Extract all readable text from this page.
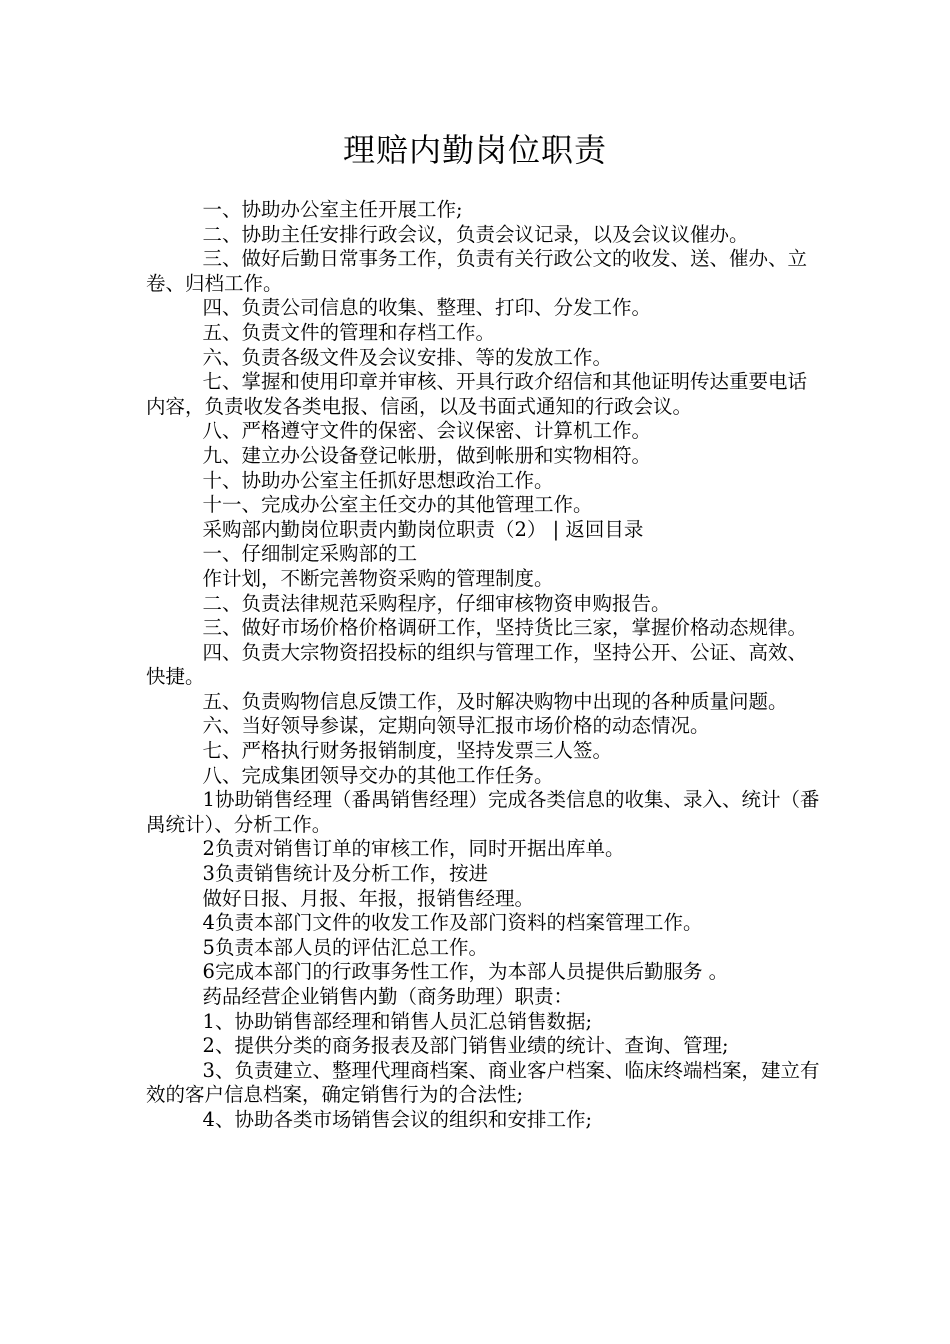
理赔内勤岗位职责

一、协助办公室主任开展工作;

二、协助主任安排行政会议，负责会议记录，以及会议议催办。

三、做好后勤日常事务工作，负责有关行政公文的收发、送、催办、立卷、归档工作。

四、负责公司信息的收集、整理、打印、分发工作。

五、负责文件的管理和存档工作。

六、负责各级文件及会议安排、等的发放工作。

七、掌握和使用印章并审核、开具行政介绍信和其他证明传达重要电话内容，负责收发各类电报、信函，以及书面式通知的行政会议。

八、严格遵守文件的保密、会议保密、计算机工作。

九、建立办公设备登记帐册，做到帐册和实物相符。

十、协助办公室主任抓好思想政治工作。

十一、完成办公室主任交办的其他管理工作。

采购部内勤岗位职责内勤岗位职责（2） | 返回目录

一、仔细制定采购部的工

作计划，不断完善物资采购的管理制度。

二、负责法律规范采购程序，仔细审核物资申购报告。

三、做好市场价格价格调研工作，坚持货比三家，掌握价格动态规律。

四、负责大宗物资招投标的组织与管理工作，坚持公开、公证、高效、快捷。

五、负责购物信息反馈工作，及时解决购物中出现的各种质量问题。

六、当好领导参谋，定期向领导汇报市场价格的动态情况。

七、严格执行财务报销制度，坚持发票三人签。

八、完成集团领导交办的其他工作任务。

1协助销售经理（番禺销售经理）完成各类信息的收集、录入、统计（番禺统计）、分析工作。

2负责对销售订单的审核工作，同时开据出库单。

3负责销售统计及分析工作，按进

做好日报、月报、年报，报销售经理。

4负责本部门文件的收发工作及部门资料的档案管理工作。

5负责本部人员的评估汇总工作。

6完成本部门的行政事务性工作，为本部人员提供后勤服务 。

药品经营企业销售内勤（商务助理）职责：

1、协助销售部经理和销售人员汇总销售数据;

2、提供分类的商务报表及部门销售业绩的统计、查询、管理;

3、负责建立、整理代理商档案、商业客户档案、临床终端档案，建立有效的客户信息档案，确定销售行为的合法性;

4、协助各类市场销售会议的组织和安排工作;
